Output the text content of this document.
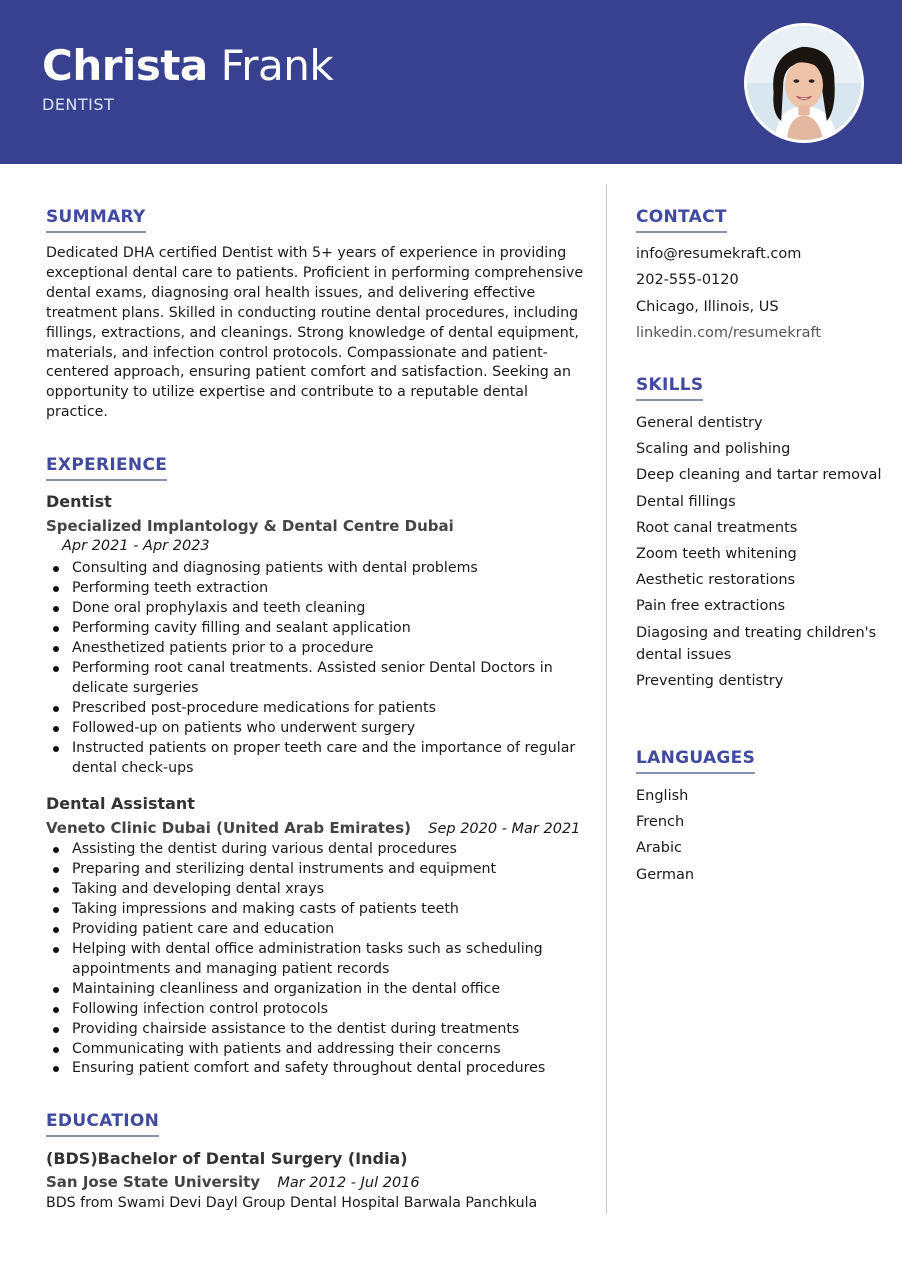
Christa Frank
DENTIST
SUMMARY

Dedicated DHA certified Dentist with 5+ years of experience in providing exceptional dental care to patients. Proficient in performing comprehensive dental exams, diagnosing oral health issues, and delivering effective treatment plans. Skilled in conducting routine dental procedures, including fillings, extractions, and cleanings. Strong knowledge of dental equipment, materials, and infection control protocols. Compassionate and patient-centered approach, ensuring patient comfort and satisfaction. Seeking an opportunity to utilize expertise and contribute to a reputable dental practice.

EXPERIENCE
Dentist
Specialized Implantology & Dental Centre Dubai
Apr 2021 - Apr 2023
Consulting and diagnosing patients with dental problems
Performing teeth extraction
Done oral prophylaxis and teeth cleaning
Performing cavity filling and sealant application
Anesthetized patients prior to a procedure
Performing root canal treatments. Assisted senior Dental Doctors in delicate surgeries
Prescribed post-procedure medications for patients
Followed-up on patients who underwent surgery
Instructed patients on proper teeth care and the importance of regular dental check-ups
Dental Assistant
Veneto Clinic Dubai (United Arab Emirates) Sep 2020 - Mar 2021
Assisting the dentist during various dental procedures
Preparing and sterilizing dental instruments and equipment
Taking and developing dental xrays
Taking impressions and making casts of patients teeth
Providing patient care and education
Helping with dental office administration tasks such as scheduling appointments and managing patient records
Maintaining cleanliness and organization in the dental office
Following infection control protocols
Providing chairside assistance to the dentist during treatments
Communicating with patients and addressing their concerns
Ensuring patient comfort and safety throughout dental procedures
EDUCATION
(BDS)Bachelor of Dental Surgery (India)
San Jose State University Mar 2012 - Jul 2016
BDS from Swami Devi Dayl Group Dental Hospital Barwala Panchkula
CONTACT
info@resumekraft.com
202-555-0120
Chicago, Illinois, US
linkedin.com/resumekraft
SKILLS
General dentistry
Scaling and polishing
Deep cleaning and tartar removal
Dental fillings
Root canal treatments
Zoom teeth whitening
Aesthetic restorations
Pain free extractions
Diagosing and treating children's dental issues
Preventing dentistry
LANGUAGES
English
French
Arabic
German
